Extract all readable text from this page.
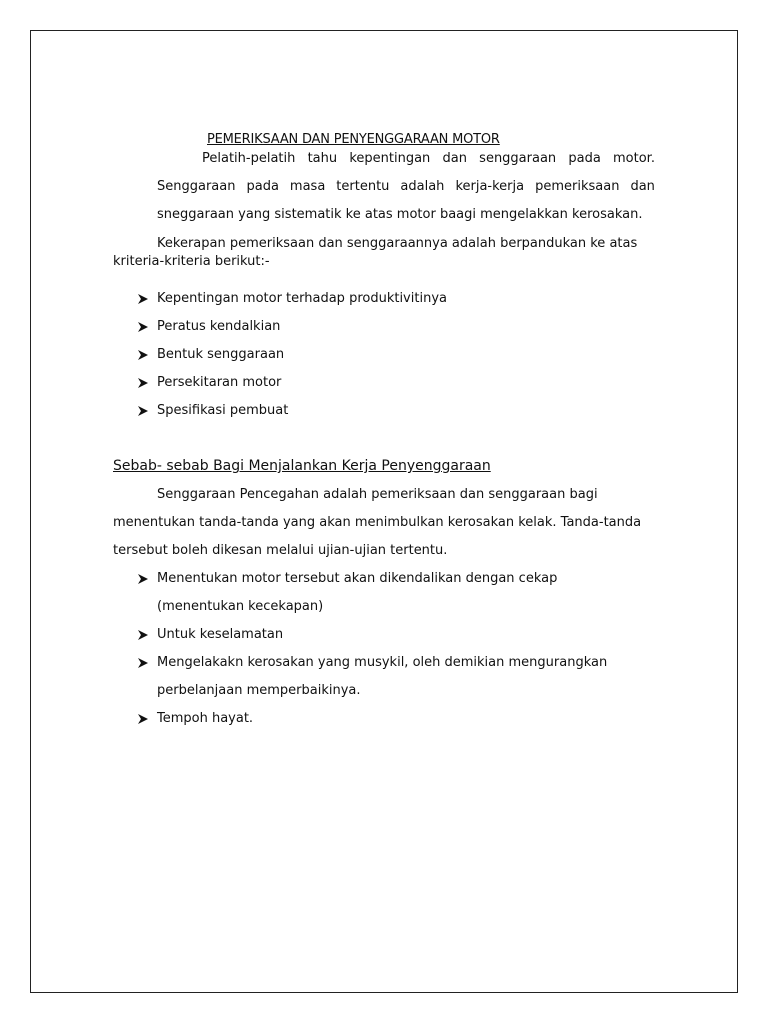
PEMERIKSAAN DAN PENYENGGARAAN MOTOR
Pelatih-pelatih tahu kepentingan dan senggaraan pada motor.
Senggaraan pada masa tertentu adalah kerja-kerja pemeriksaan dan
sneggaraan yang sistematik ke atas motor baagi mengelakkan kerosakan.
Kekerapan pemeriksaan dan senggaraannya adalah berpandukan ke atas
kriteria-kriteria berikut:-
Kepentingan motor terhadap produktivitinya
Peratus kendalkian
Bentuk senggaraan
Persekitaran motor
Spesifikasi pembuat
Sebab- sebab Bagi Menjalankan Kerja Penyenggaraan
Senggaraan Pencegahan adalah pemeriksaan dan senggaraan bagi
menentukan tanda-tanda yang akan menimbulkan kerosakan kelak. Tanda-tanda
tersebut boleh dikesan melalui ujian-ujian tertentu.
Menentukan motor tersebut akan dikendalikan dengan cekap
(menentukan kecekapan)
Untuk keselamatan
Mengelakakn kerosakan yang musykil, oleh demikian mengurangkan
perbelanjaan memperbaikinya.
Tempoh hayat.
